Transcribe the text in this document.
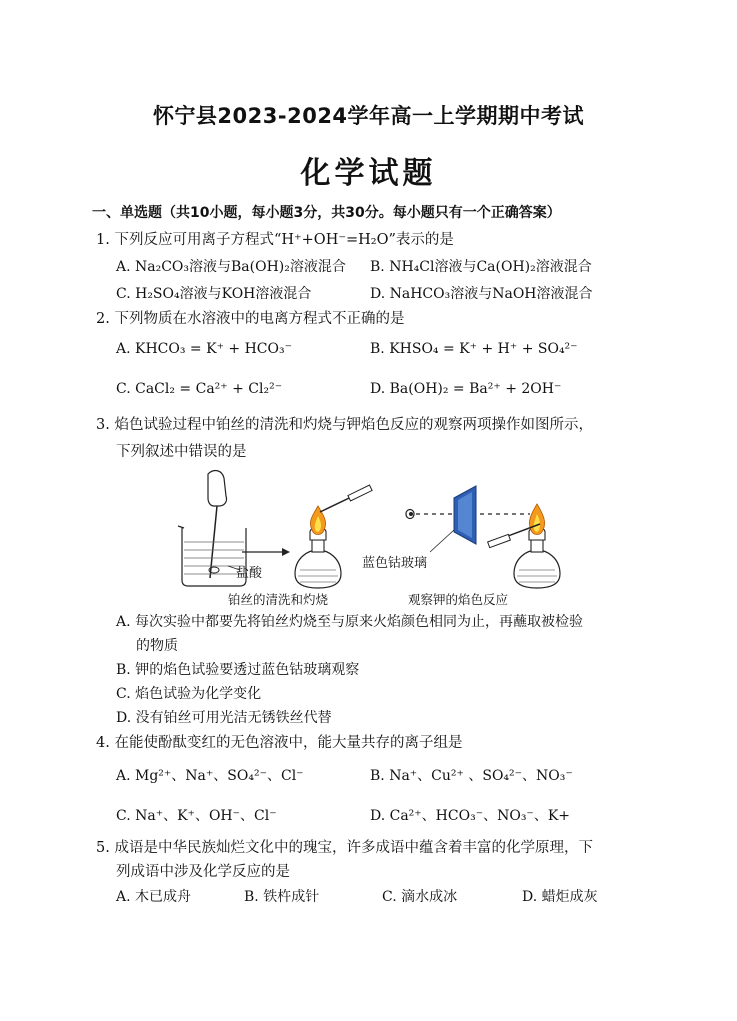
怀宁县2023-2024学年高一上学期期中考试
化学试题
一、单选题（共10小题，每小题3分，共30分。每小题只有一个正确答案）
1. 下列反应可用离子方程式“H⁺+OH⁻=H₂O”表示的是
A. Na₂CO₃溶液与Ba(OH)₂溶液混合 B. NH₄Cl溶液与Ca(OH)₂溶液混合
C. H₂SO₄溶液与KOH溶液混合	D. NaHCO₃溶液与NaOH溶液混合
2. 下列物质在水溶液中的电离方程式不正确的是
A. KHCO₃ = K⁺ + HCO₃⁻	B. KHSO₄ = K⁺ + H⁺ + SO₄²⁻
C. CaCl₂ = Ca²⁺ + Cl₂²⁻	D. Ba(OH)₂ = Ba²⁺ + 2OH⁻
3. 焰色试验过程中铂丝的清洗和灼烧与钾焰色反应的观察两项操作如图所示，
下列叙述中错误的是
盐酸
蓝色钴玻璃
铂丝的清洗和灼烧	观察钾的焰色反应
A. 每次实验中都要先将铂丝灼烧至与原来火焰颜色相同为止，再蘸取被检验
的物质
B. 钾的焰色试验要透过蓝色钴玻璃观察
C. 焰色试验为化学变化
D. 没有铂丝可用光洁无锈铁丝代替
4. 在能使酚酞变红的无色溶液中，能大量共存的离子组是
A. Mg²⁺、Na⁺、SO₄²⁻、Cl⁻	B. Na⁺、Cu²⁺ 、SO₄²⁻、NO₃⁻
C. Na⁺、K⁺、OH⁻、Cl⁻	D. Ca²⁺、HCO₃⁻、NO₃⁻、K+
5. 成语是中华民族灿烂文化中的瑰宝，许多成语中蕴含着丰富的化学原理，下
列成语中涉及化学反应的是
A. 木已成舟	B. 铁杵成针	C. 滴水成冰	D. 蜡炬成灰
